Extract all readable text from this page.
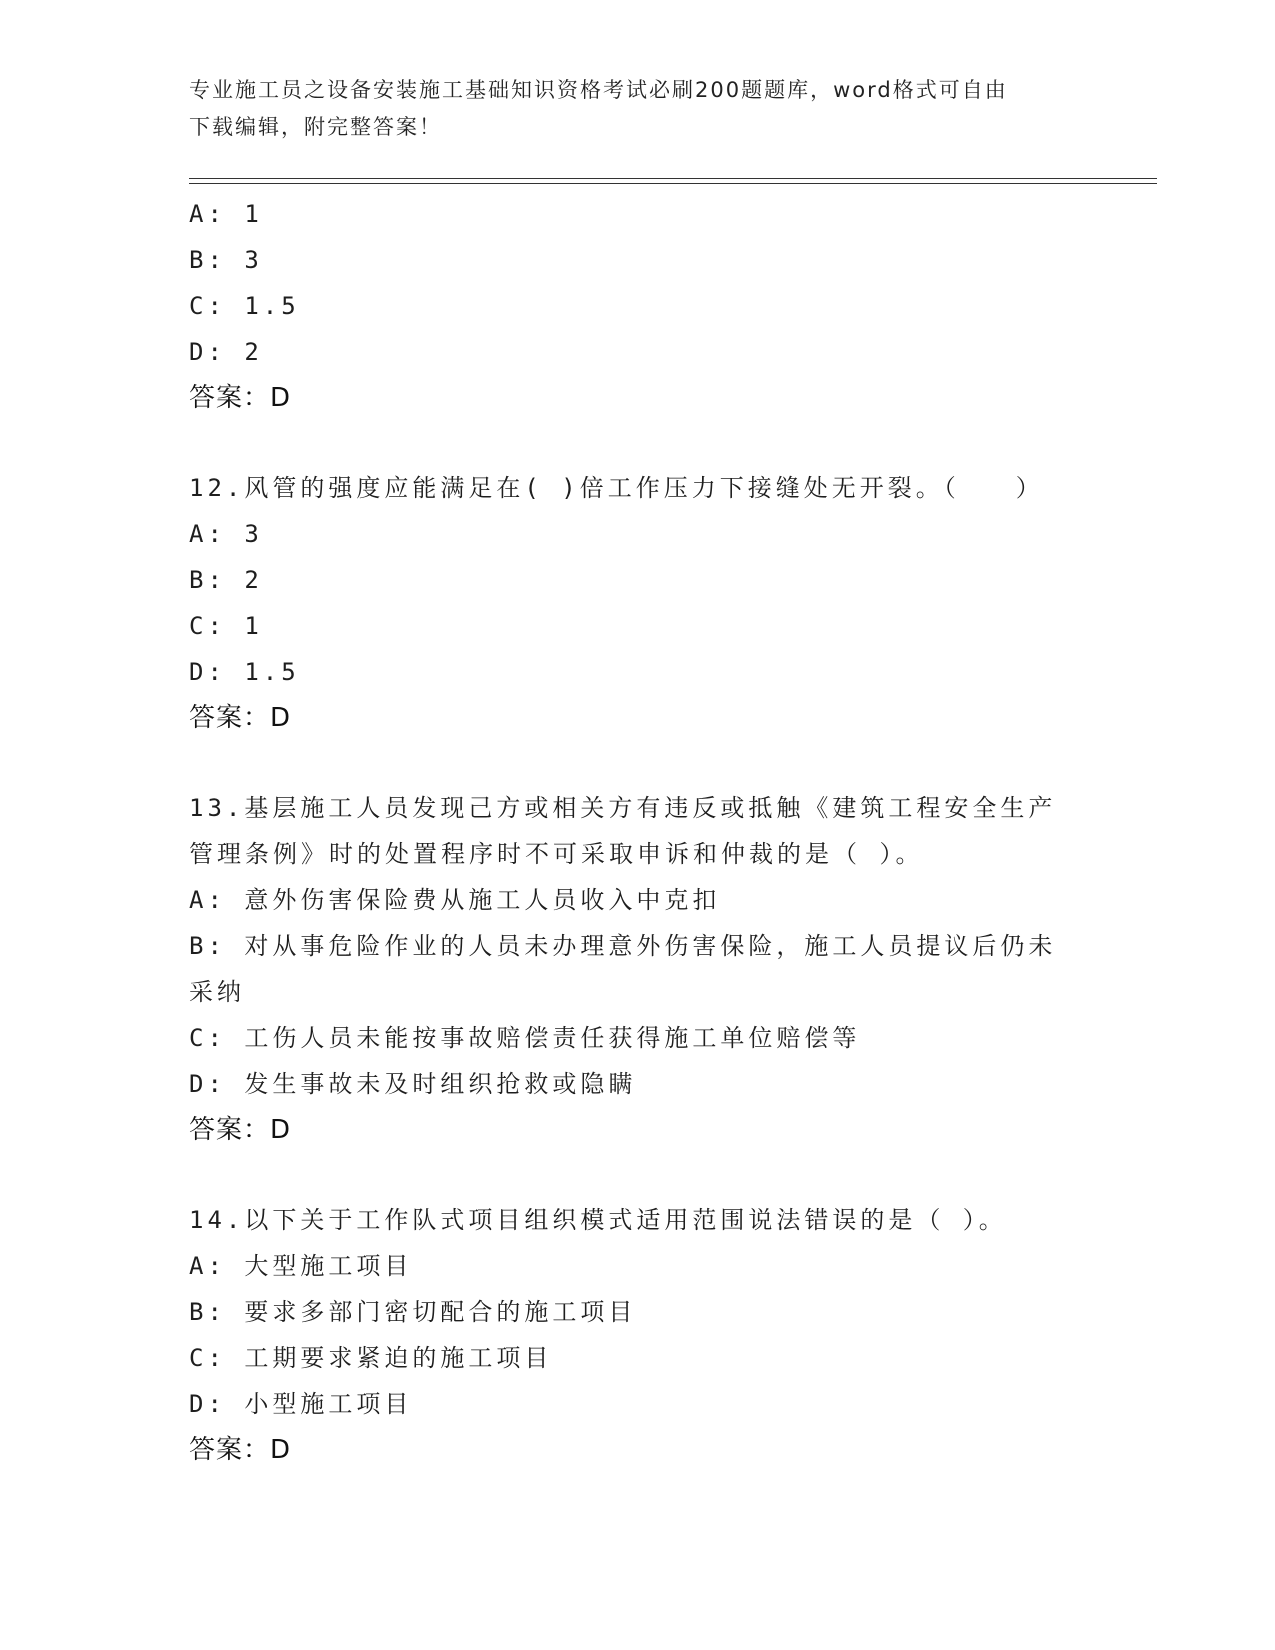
专业施工员之设备安装施工基础知识资格考试必刷200题题库，word格式可自由
下载编辑，附完整答案！
A: 1
B: 3
C: 1.5
D: 2
答案：D
12.风管的强度应能满足在( )倍工作压力下接缝处无开裂。（　　）
A: 3
B: 2
C: 1
D: 1.5
答案：D
13.基层施工人员发现己方或相关方有违反或抵触《建筑工程安全生产
管理条例》时的处置程序时不可采取申诉和仲裁的是（ ）。
A: 意外伤害保险费从施工人员收入中克扣
B: 对从事危险作业的人员未办理意外伤害保险，施工人员提议后仍未
采纳
C: 工伤人员未能按事故赔偿责任获得施工单位赔偿等
D: 发生事故未及时组织抢救或隐瞒
答案：D
14.以下关于工作队式项目组织模式适用范围说法错误的是（ ）。
A: 大型施工项目
B: 要求多部门密切配合的施工项目
C: 工期要求紧迫的施工项目
D: 小型施工项目
答案：D
